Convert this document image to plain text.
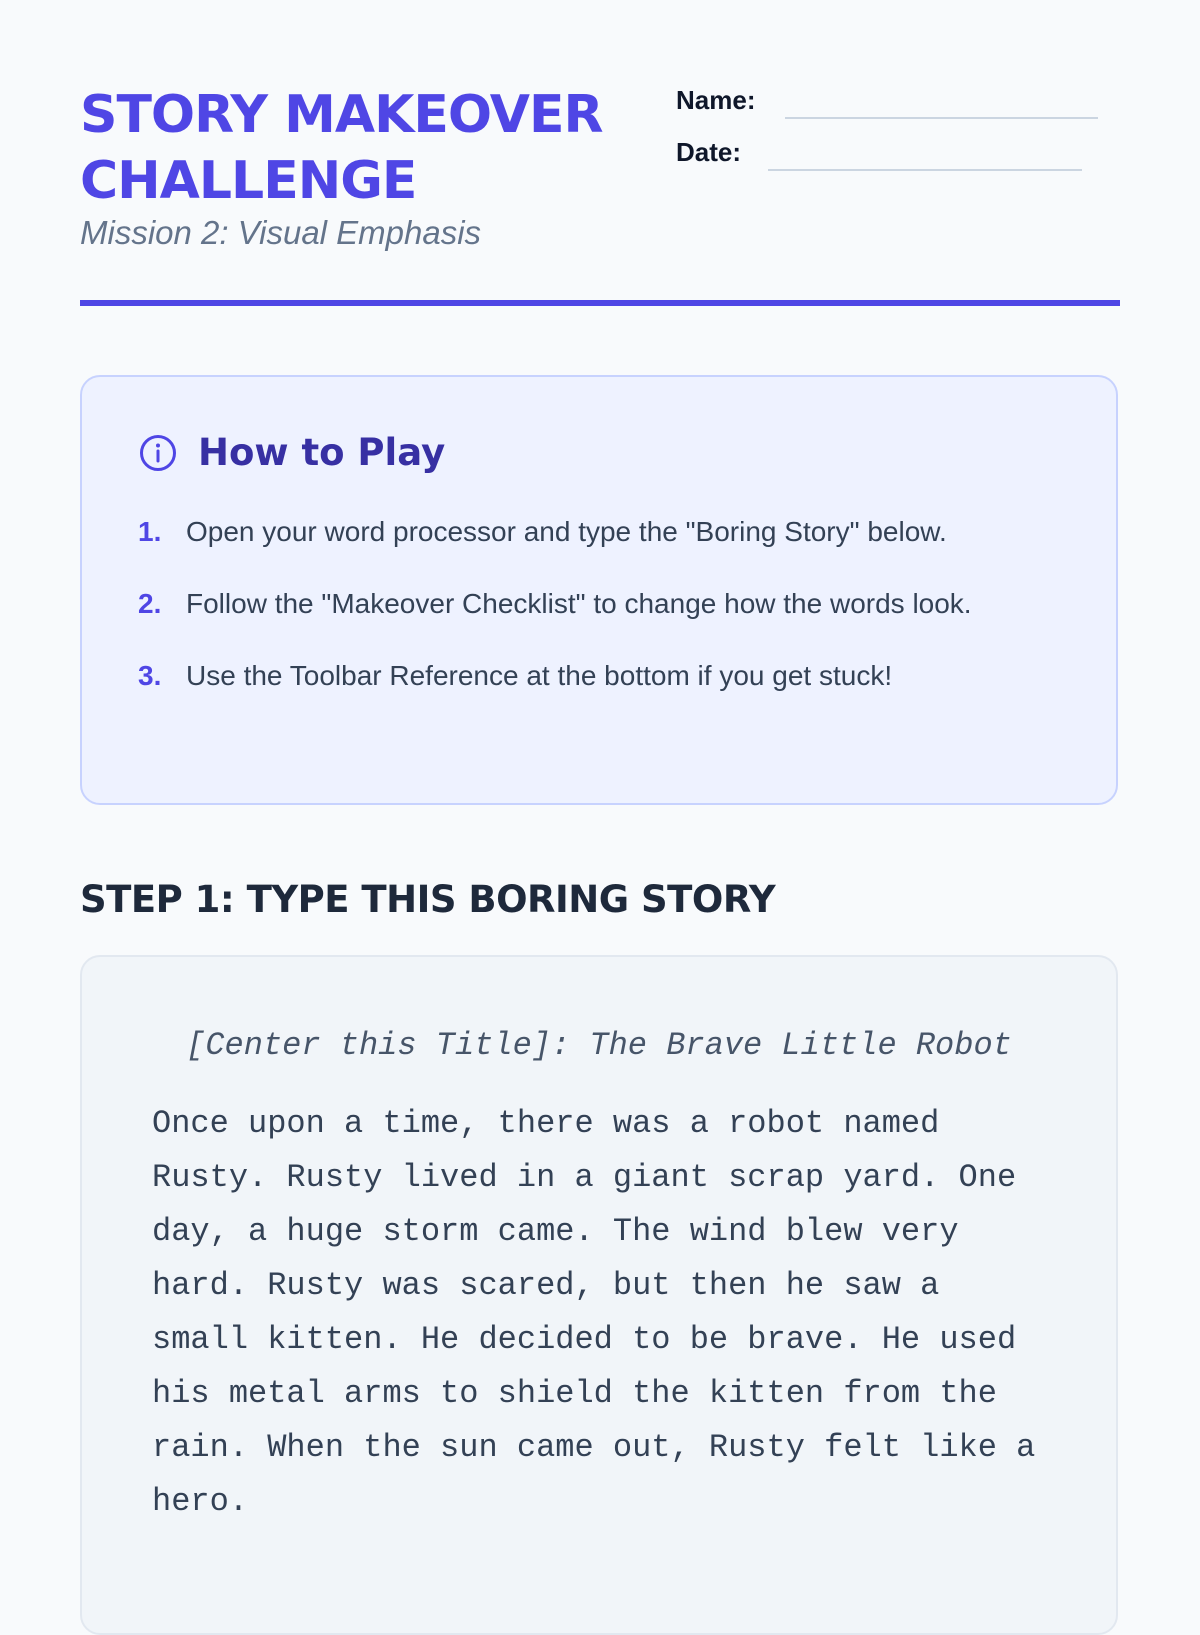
STORY MAKEOVER CHALLENGE
Mission 2: Visual Emphasis
Name:
Date:
How to Play
1. Open your word processor and type the "Boring Story" below.
2. Follow the "Makeover Checklist" to change how the words look.
3. Use the Toolbar Reference at the bottom if you get stuck!
STEP 1: TYPE THIS BORING STORY
[Center this Title]: The Brave Little Robot

Once upon a time, there was a robot named Rusty. Rusty lived in a giant scrap yard. One day, a huge storm came. The wind blew very hard. Rusty was scared, but then he saw a small kitten. He decided to be brave. He used his metal arms to shield the kitten from the rain. When the sun came out, Rusty felt like a hero.
